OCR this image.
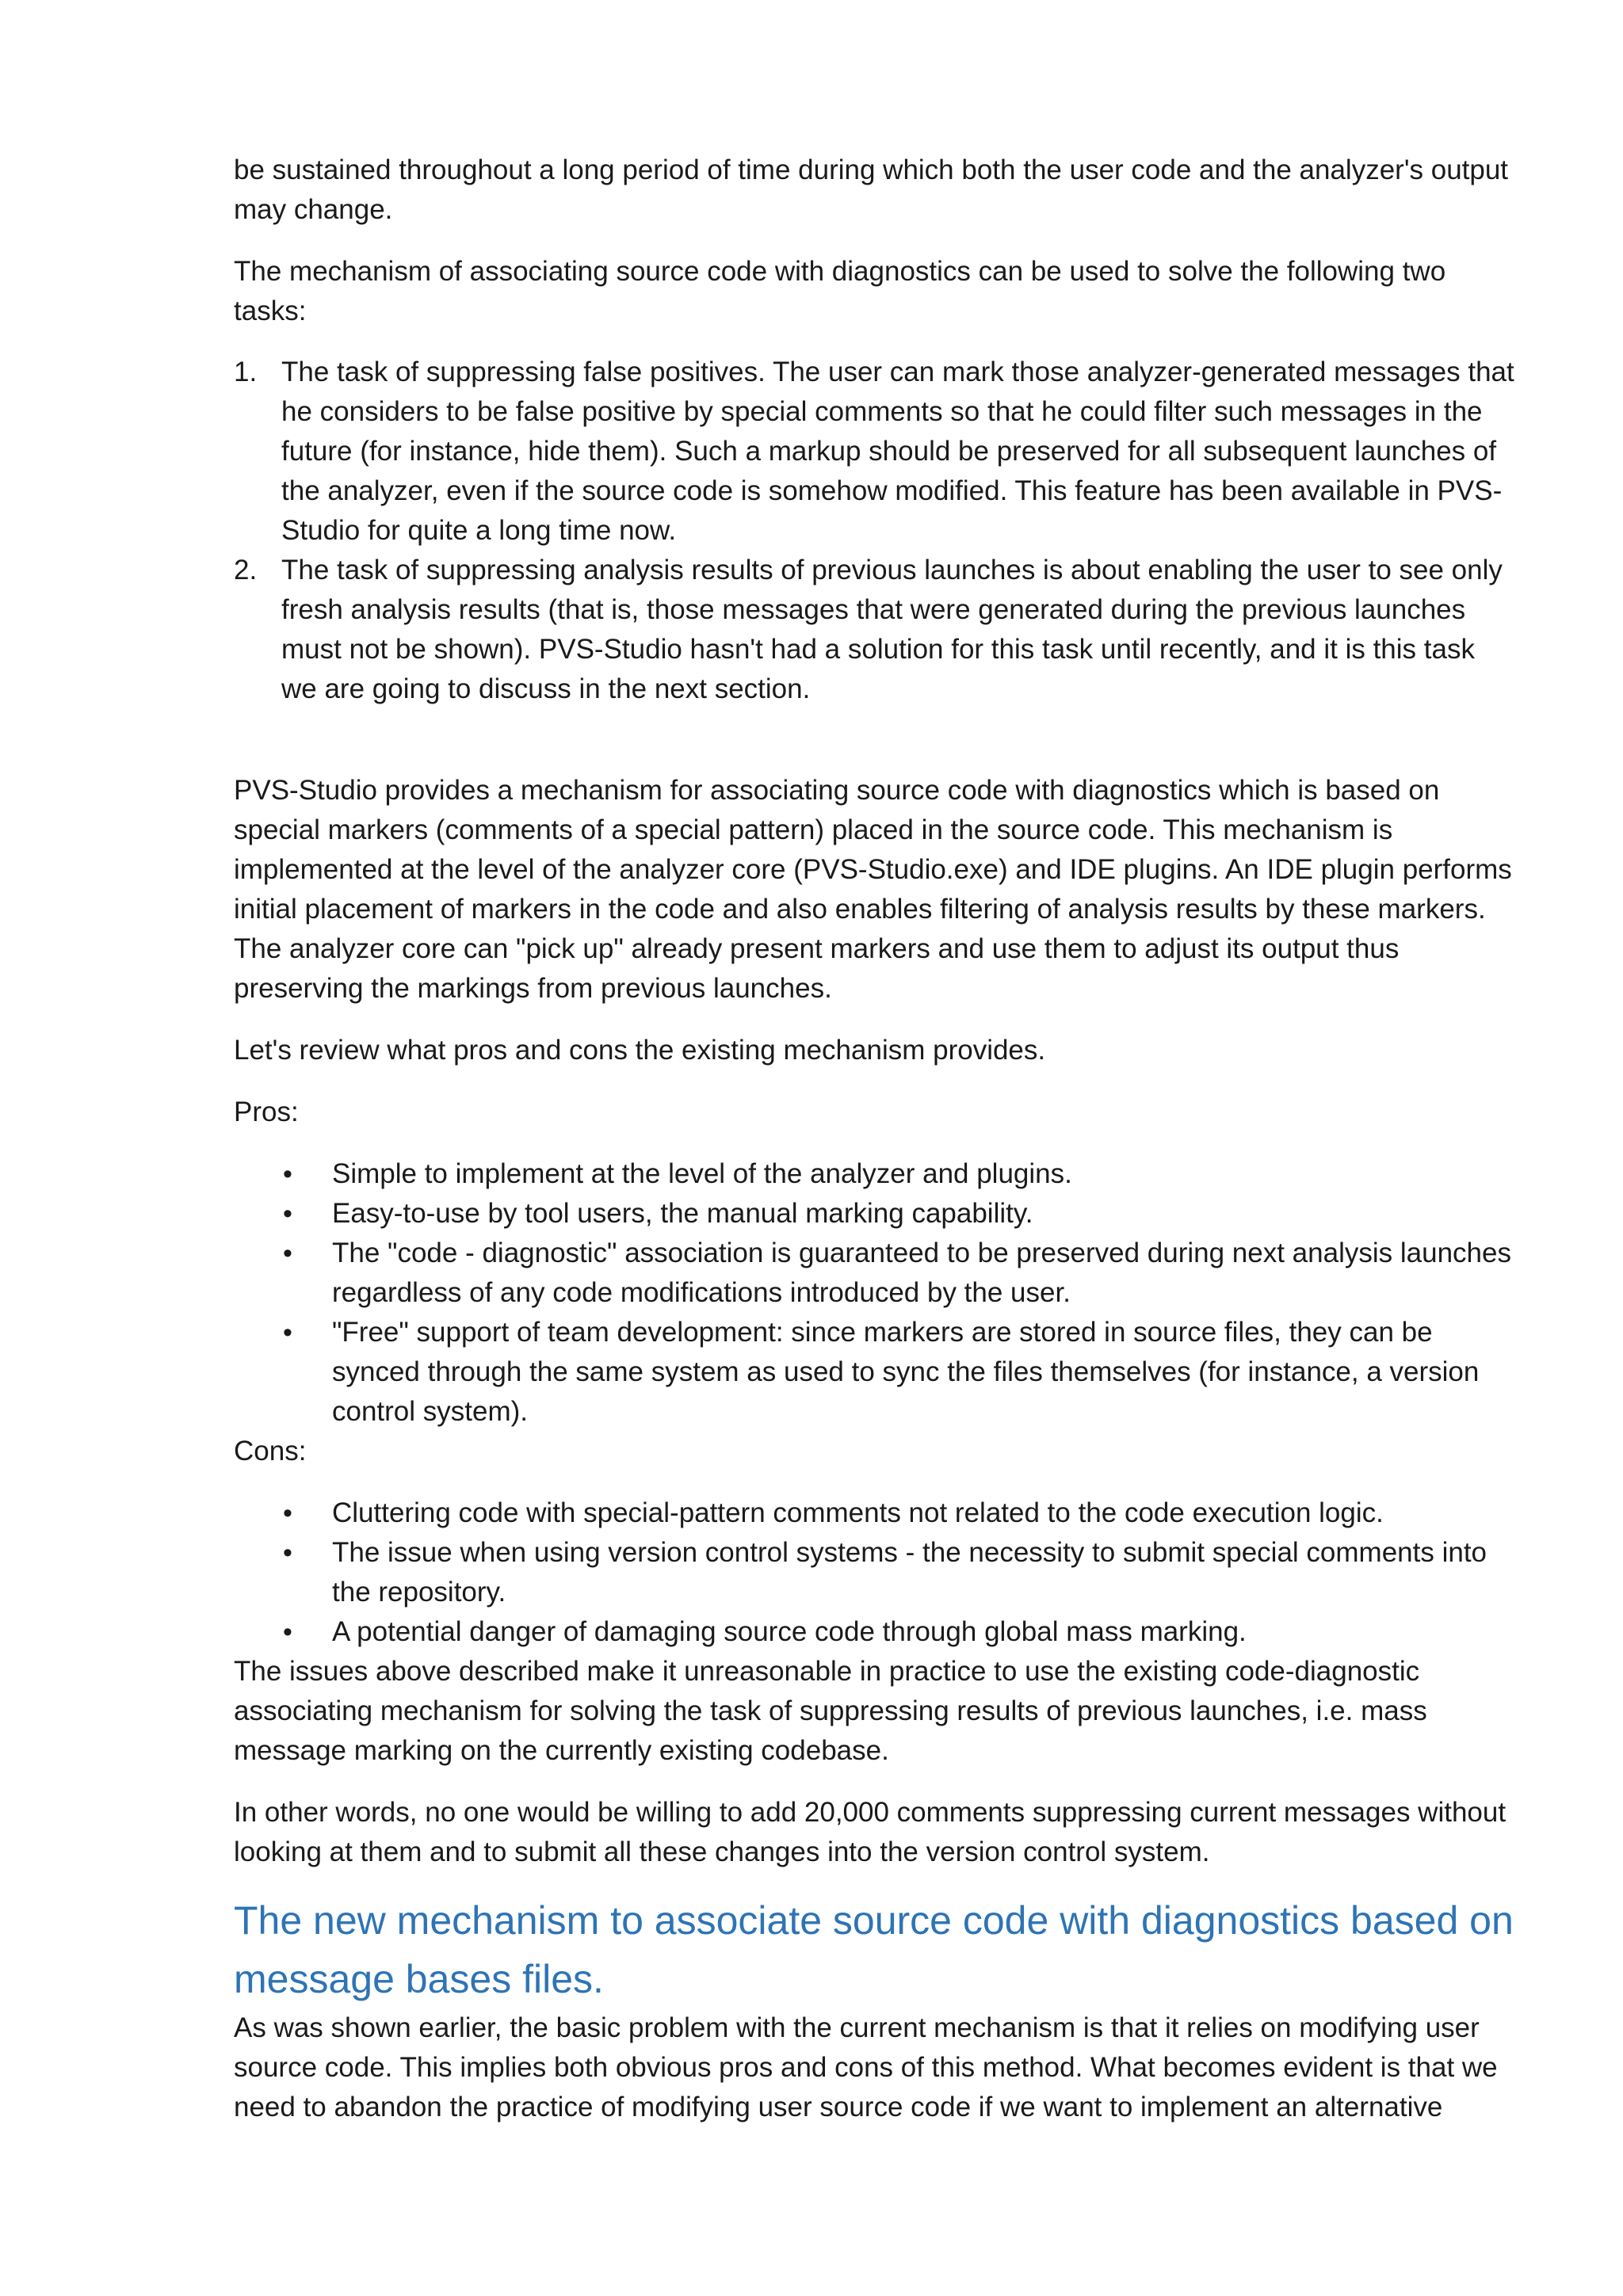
be sustained throughout a long period of time during which both the user code and the analyzer's output may change.

The mechanism of associating source code with diagnostics can be used to solve the following two tasks:

1. The task of suppressing false positives. The user can mark those analyzer-generated messages that he considers to be false positive by special comments so that he could filter such messages in the future (for instance, hide them). Such a markup should be preserved for all subsequent launches of the analyzer, even if the source code is somehow modified. This feature has been available in PVS-Studio for quite a long time now.
2. The task of suppressing analysis results of previous launches is about enabling the user to see only fresh analysis results (that is, those messages that were generated during the previous launches must not be shown). PVS-Studio hasn't had a solution for this task until recently, and it is this task we are going to discuss in the next section.

PVS-Studio provides a mechanism for associating source code with diagnostics which is based on special markers (comments of a special pattern) placed in the source code. This mechanism is implemented at the level of the analyzer core (PVS-Studio.exe) and IDE plugins. An IDE plugin performs initial placement of markers in the code and also enables filtering of analysis results by these markers. The analyzer core can "pick up" already present markers and use them to adjust its output thus preserving the markings from previous launches.

Let's review what pros and cons the existing mechanism provides.

Pros:

• Simple to implement at the level of the analyzer and plugins.
• Easy-to-use by tool users, the manual marking capability.
• The "code - diagnostic" association is guaranteed to be preserved during next analysis launches regardless of any code modifications introduced by the user.
• "Free" support of team development: since markers are stored in source files, they can be synced through the same system as used to sync the files themselves (for instance, a version control system).

Cons:

• Cluttering code with special-pattern comments not related to the code execution logic.
• The issue when using version control systems - the necessity to submit special comments into the repository.
• A potential danger of damaging source code through global mass marking.

The issues above described make it unreasonable in practice to use the existing code-diagnostic associating mechanism for solving the task of suppressing results of previous launches, i.e. mass message marking on the currently existing codebase.

In other words, no one would be willing to add 20,000 comments suppressing current messages without looking at them and to submit all these changes into the version control system.

The new mechanism to associate source code with diagnostics based on message bases files.

As was shown earlier, the basic problem with the current mechanism is that it relies on modifying user source code. This implies both obvious pros and cons of this method. What becomes evident is that we need to abandon the practice of modifying user source code if we want to implement an alternative
